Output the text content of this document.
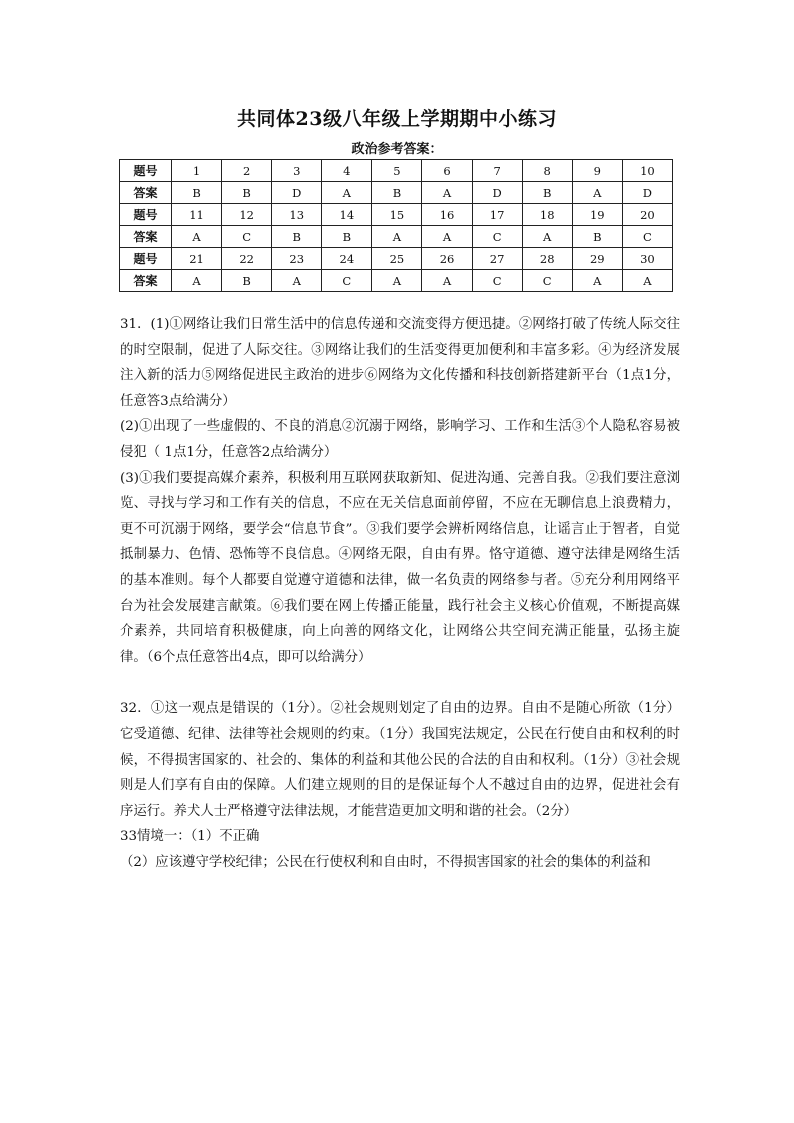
共同体23级八年级上学期期中小练习
政治参考答案：
题号	1	2	3	4	5	6	7	8	9	10
答案	B	B	D	A	B	A	D	B	A	D
题号	11	12	13	14	15	16	17	18	19	20
答案	A	C	B	B	A	A	C	A	B	C
题号	21	22	23	24	25	26	27	28	29	30
答案	A	B	A	C	A	A	C	C	A	A

31．(1)①网络让我们日常生活中的信息传递和交流变得方便迅捷。②网络打破了传统人际交往的时空限制，促进了人际交往。③网络让我们的生活变得更加便利和丰富多彩。④为经济发展注入新的活力⑤网络促进民主政治的进步⑥网络为文化传播和科技创新搭建新平台（1点1分，任意答3点给满分）

(2)①出现了一些虚假的、不良的消息②沉溺于网络，影响学习、工作和生活③个人隐私容易被侵犯（ 1点1分，任意答2点给满分）

(3)①我们要提高媒介素养，积极利用互联网获取新知、促进沟通、完善自我。②我们要注意浏览、寻找与学习和工作有关的信息，不应在无关信息面前停留，不应在无聊信息上浪费精力，更不可沉溺于网络，要学会“信息节食”。③我们要学会辨析网络信息，让谣言止于智者，自觉抵制暴力、色情、恐怖等不良信息。④网络无限，自由有界。恪守道德、遵守法律是网络生活的基本准则。每个人都要自觉遵守道德和法律，做一名负责的网络参与者。⑤充分利用网络平台为社会发展建言献策。⑥我们要在网上传播正能量，践行社会主义核心价值观，不断提高媒介素养，共同培育积极健康，向上向善的网络文化，让网络公共空间充满正能量，弘扬主旋律。（6个点任意答出4点，即可以给满分）

32．①这一观点是错误的（1分）。②社会规则划定了自由的边界。自由不是随心所欲（1分）它受道德、纪律、法律等社会规则的约束。（1分）我国宪法规定，公民在行使自由和权利的时候，不得损害国家的、社会的、集体的利益和其他公民的合法的自由和权利。（1分）③社会规则是人们享有自由的保障。人们建立规则的目的是保证每个人不越过自由的边界，促进社会有序运行。养犬人士严格遵守法律法规，才能营造更加文明和谐的社会。（2分）

33情境一：（1）不正确

（2）应该遵守学校纪律；公民在行使权利和自由时，不得损害国家的社会的集体的利益和
